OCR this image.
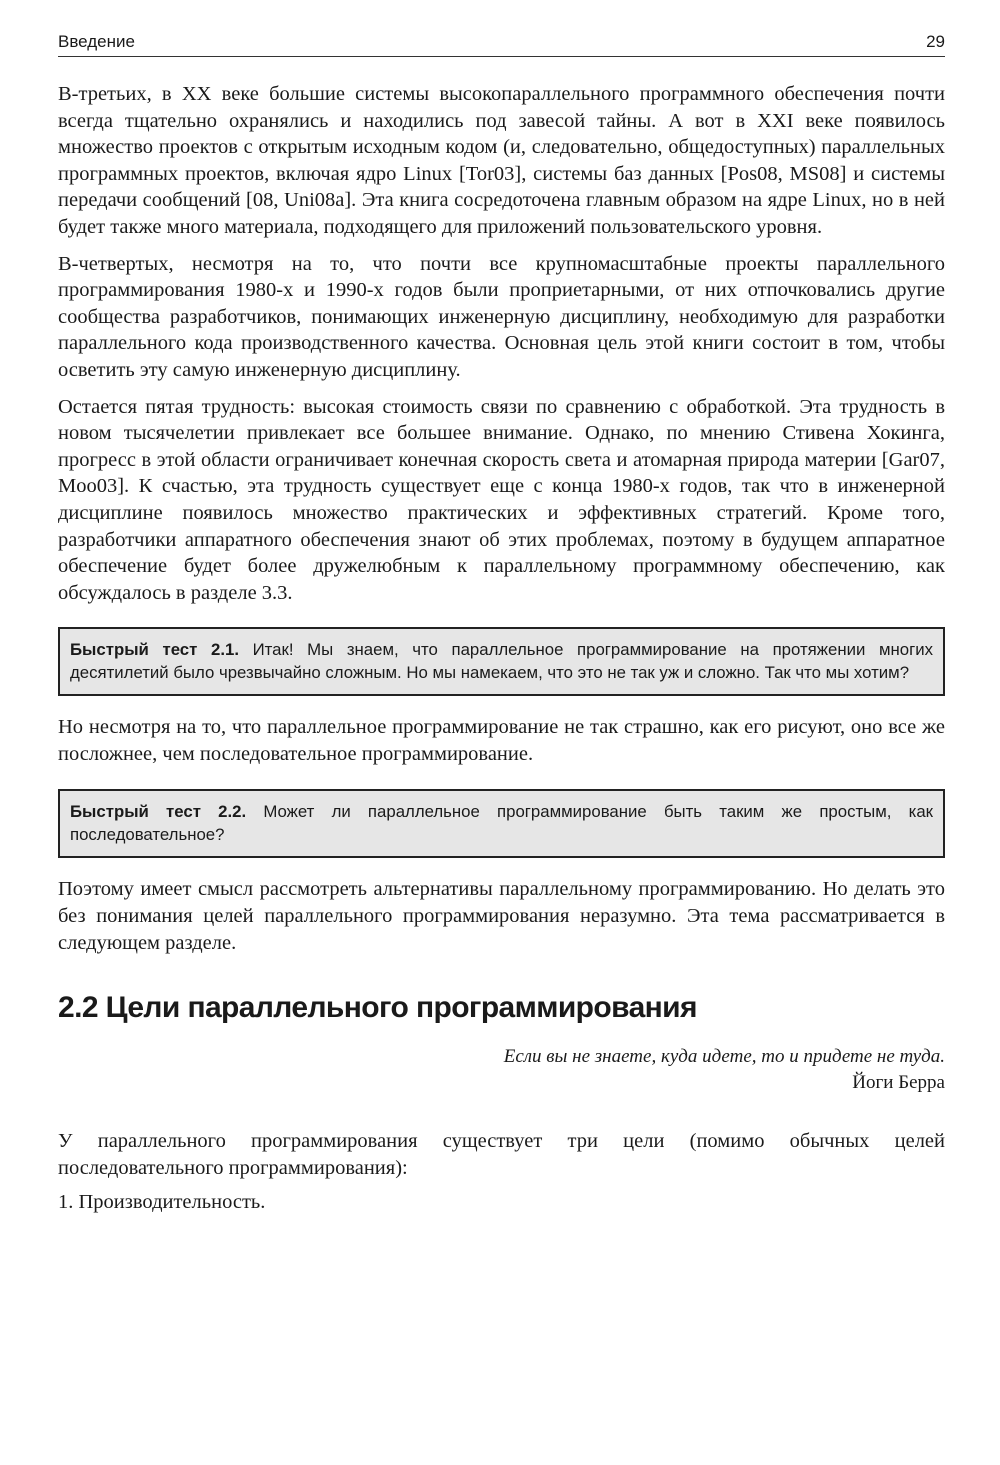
Введение	29

В-третьих, в XX веке большие системы высокопараллельного программного обеспечения почти всегда тщательно охранялись и находились под завесой тайны. А вот в XXI веке появилось множество проектов с открытым исходным кодом (и, следовательно, общедоступных) параллельных программных проектов, включая ядро Linux [Tor03], системы баз данных [Pos08, MS08] и системы передачи сообщений [08, Uni08a]. Эта книга сосредоточена главным образом на ядре Linux, но в ней будет также много материала, подходящего для приложений пользовательского уровня.

В-четвертых, несмотря на то, что почти все крупномасштабные проекты параллельного программирования 1980-х и 1990-х годов были проприетарными, от них отпочковались другие сообщества разработчиков, понимающих инженерную дисциплину, необходимую для разработки параллельного кода производственного качества. Основная цель этой книги состоит в том, чтобы осветить эту самую инженерную дисциплину.

Остается пятая трудность: высокая стоимость связи по сравнению с обработкой. Эта трудность в новом тысячелетии привлекает все большее внимание. Однако, по мнению Стивена Хокинга, прогресс в этой области ограничивает конечная скорость света и атомарная природа материи [Gar07, Moo03]. К счастью, эта трудность существует еще с конца 1980-х годов, так что в инженерной дисциплине появилось множество практических и эффективных стратегий. Кроме того, разработчики аппаратного обеспечения знают об этих проблемах, поэтому в будущем аппаратное обеспечение будет более дружелюбным к параллельному программному обеспечению, как обсуждалось в разделе 3.3.

Быстрый тест 2.1. Итак! Мы знаем, что параллельное программирование на протяжении многих десятилетий было чрезвычайно сложным. Но мы намекаем, что это не так уж и сложно. Так что мы хотим?

Но несмотря на то, что параллельное программирование не так страшно, как его рисуют, оно все же посложнее, чем последовательное программирование.

Быстрый тест 2.2. Может ли параллельное программирование быть таким же простым, как последовательное?

Поэтому имеет смысл рассмотреть альтернативы параллельному программированию. Но делать это без понимания целей параллельного программирования неразумно. Эта тема рассматривается в следующем разделе.

2.2 Цели параллельного программирования
Если вы не знаете, куда идете, то и придете не туда.
Йоги Берра

У параллельного программирования существует три цели (помимо обычных целей последовательного программирования):

1. Производительность.
